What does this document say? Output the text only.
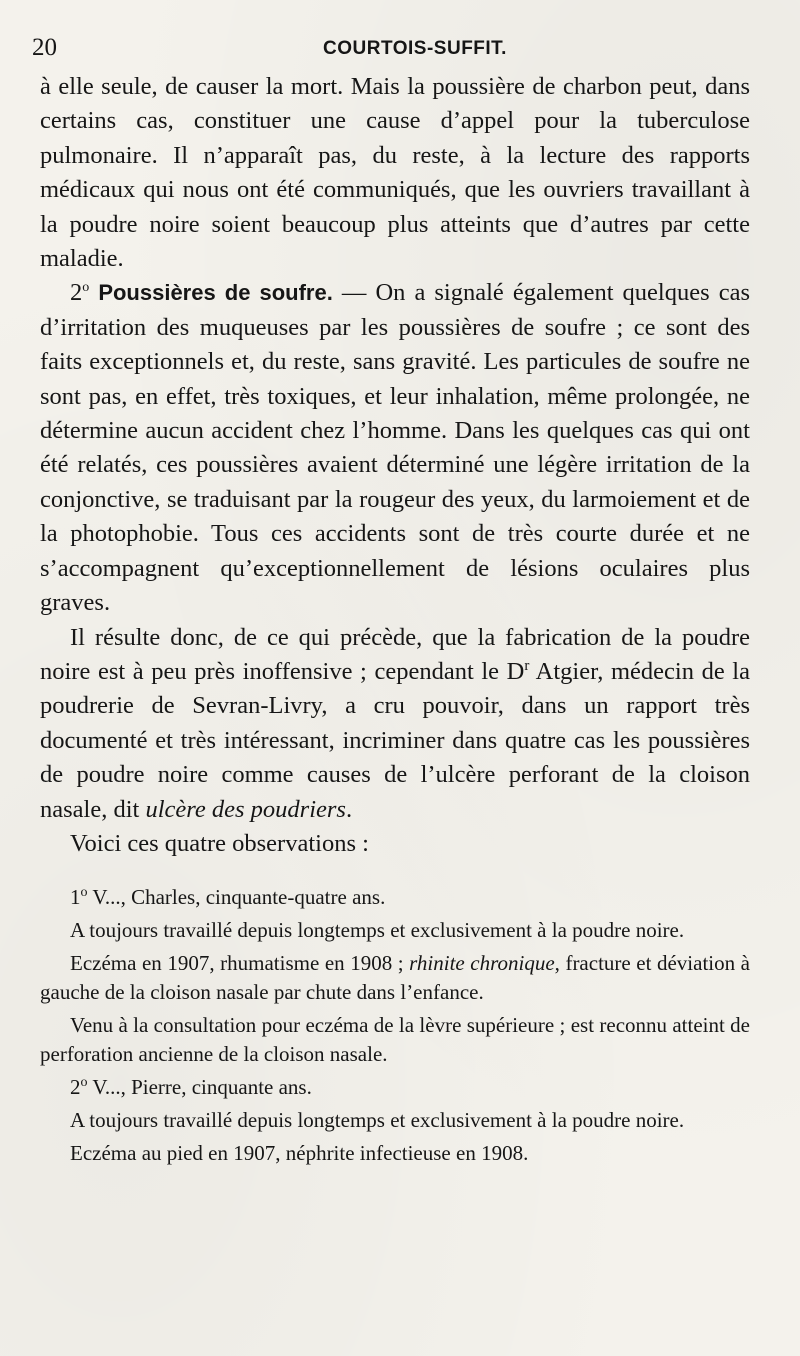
20	COURTOIS-SUFFIT.

à elle seule, de causer la mort. Mais la poussière de charbon peut, dans certains cas, constituer une cause d’appel pour la tuberculose pulmonaire. Il n’apparaît pas, du reste, à la lecture des rapports médicaux qui nous ont été communiqués, que les ouvriers travaillant à la poudre noire soient beaucoup plus atteints que d’autres par cette maladie.

2$^o$ Poussières de soufre. — On a signalé également quelques cas d’irritation des muqueuses par les poussières de soufre ; ce sont des faits exceptionnels et, du reste, sans gravité. Les particules de soufre ne sont pas, en effet, très toxiques, et leur inhalation, même prolongée, ne détermine aucun accident chez l’homme. Dans les quelques cas qui ont été relatés, ces poussières avaient déterminé une légère irritation de la conjonctive, se traduisant par la rougeur des yeux, du larmoiement et de la photophobie. Tous ces accidents sont de très courte durée et ne s’accompagnent qu’exceptionnellement de lésions oculaires plus graves.

Il résulte donc, de ce qui précède, que la fabrication de la poudre noire est à peu près inoffensive ; cependant le $D^r$ Atgier, médecin de la poudrerie de Sevran-Livry, a cru pouvoir, dans un rapport très documenté et très intéressant, incriminer dans quatre cas les poussières de poudre noire comme causes de l’ulcère perforant de la cloison nasale, dit ulcère des poudriers.

Voici ces quatre observations :

1$^o$ V..., Charles, cinquante-quatre ans.

A toujours travaillé depuis longtemps et exclusivement à la poudre noire.

Eczéma en 1907, rhumatisme en 1908 ; rhinite chronique, fracture et déviation à gauche de la cloison nasale par chute dans l’enfance.

Venu à la consultation pour eczéma de la lèvre supérieure ; est reconnu atteint de perforation ancienne de la cloison nasale.

2$^o$ V..., Pierre, cinquante ans.

A toujours travaillé depuis longtemps et exclusivement à la poudre noire.

Eczéma au pied en 1907, néphrite infectieuse en 1908.
